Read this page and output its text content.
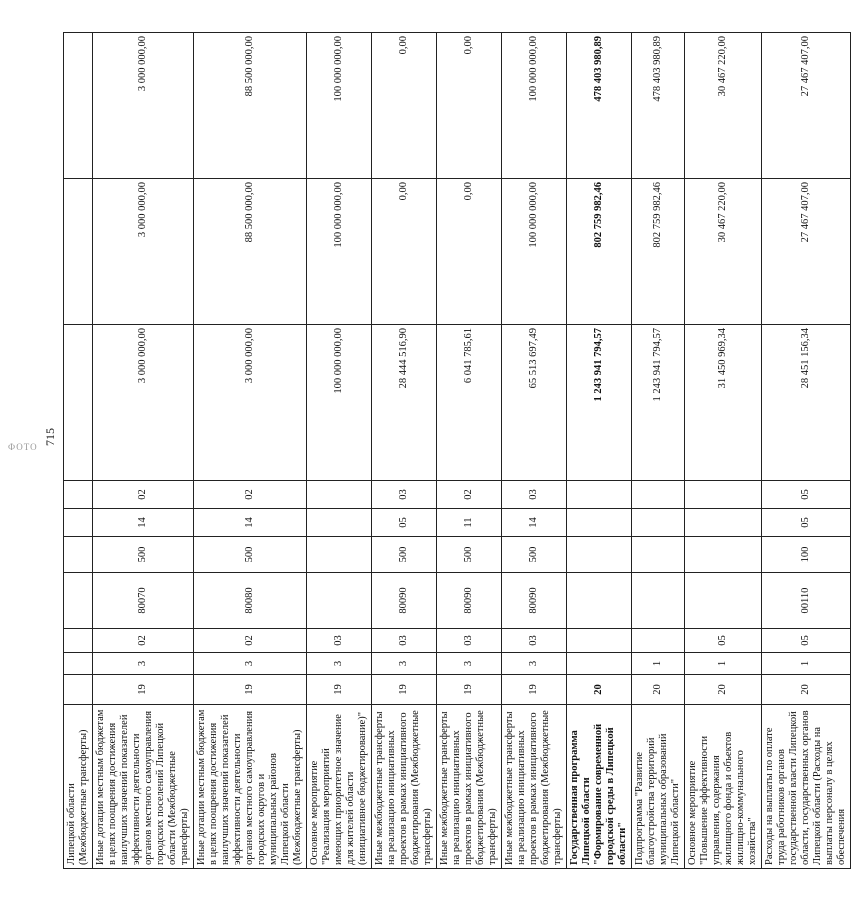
ФОТО
715
Липецкой области (Межбюджетные трансферты)										
Иные дотации местным бюджетам в целях поощрения достижения наилучших значений показателей эффективности деятельности органов местного самоуправления городских поселений Липецкой области (Межбюджетные трансферты)	19	3	02	80070	500	14	02	3 000 000,00	3 000 000,00	3 000 000,00
Иные дотации местным бюджетам в целях поощрения достижения наилучших значений показателей эффективности деятельности органов местного самоуправления городских округов и муниципальных районов Липецкой области (Межбюджетные трансферты)	19	3	02	80080	500	14	02	3 000 000,00	88 500 000,00	88 500 000,00
Основное мероприятие "Реализация мероприятий имеющих приоритетное значение для жителей области (инициативное бюджетирование)"	19	3	03					100 000 000,00	100 000 000,00	100 000 000,00
Иные межбюджетные трансферты на реализацию инициативных проектов в рамках инициативного бюджетирования (Межбюджетные трансферты)	19	3	03	80090	500	05	03	28 444 516,90	0,00	0,00
Иные межбюджетные трансферты на реализацию инициативных проектов в рамках инициативного бюджетирования (Межбюджетные трансферты)	19	3	03	80090	500	11	02	6 041 785,61	0,00	0,00
Иные межбюджетные трансферты на реализацию инициативных проектов в рамках инициативного бюджетирования (Межбюджетные трансферты)	19	3	03	80090	500	14	03	65 513 697,49	100 000 000,00	100 000 000,00
Государственная программа Липецкой области "Формирование современной городской среды в Липецкой области"	20							1 243 941 794,57	802 759 982,46	478 403 980,89
Подпрограмма "Развитие благоустройства территорий муниципальных образований Липецкой области"	20	1						1 243 941 794,57	802 759 982,46	478 403 980,89
Основное мероприятие "Повышение эффективности управления, содержания жилищного фонда и объектов жилищно-коммунального хозяйства"	20	1	05					31 450 969,34	30 467 220,00	30 467 220,00
Расходы на выплаты по оплате труда работников органов государственной власти Липецкой области, государственных органов Липецкой области (Расходы на выплаты персоналу в целях обеспечения	20	1	05	00110	100	05	05	28 451 156,34	27 467 407,00	27 467 407,00
